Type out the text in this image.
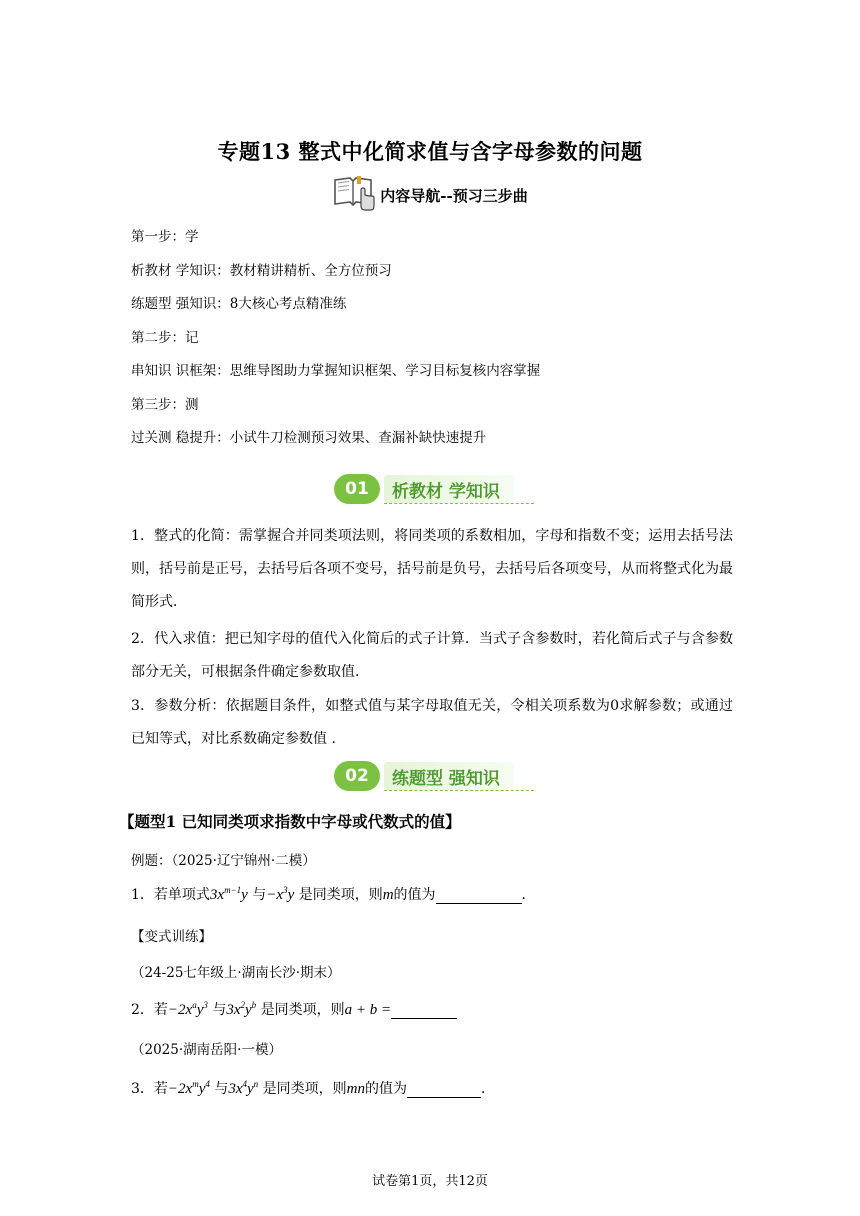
专题13 整式中化简求值与含字母参数的问题
内容导航--预习三步曲
第一步：学
析教材 学知识：教材精讲精析、全方位预习
练题型 强知识：8大核心考点精准练
第二步：记
串知识 识框架：思维导图助力掌握知识框架、学习目标复核内容掌握
第三步：测
过关测 稳提升：小试牛刀检测预习效果、查漏补缺快速提升
01	析教材 学知识
1．整式的化简：需掌握合并同类项法则，将同类项的系数相加，字母和指数不变；运用去括号法则，括号前是正号，去括号后各项不变号，括号前是负号，去括号后各项变号，从而将整式化为最简形式．
2．代入求值：把已知字母的值代入化简后的式子计算．当式子含参数时，若化简后式子与含参数部分无关，可根据条件确定参数取值．
3．参数分析：依据题目条件，如整式值与某字母取值无关，令相关项系数为0求解参数；或通过已知等式，对比系数确定参数值 ．
02	练题型 强知识
【题型1 已知同类项求指数中字母或代数式的值】
例题：（2025·辽宁锦州·二模）
1．若单项式$3x^{m-1}y$ 与$-x^3y$ 是同类项，则m的值为	．
【变式训练】
（24-25七年级上·湖南长沙·期末）
2．若$-2x^ay^3$ 与$3x^2y^b$ 是同类项，则a + b =
（2025·湖南岳阳·一模）
3．若$-2x^my^4$ 与$3x^4y^n$ 是同类项，则mn的值为	．
试卷第1页，共12页
